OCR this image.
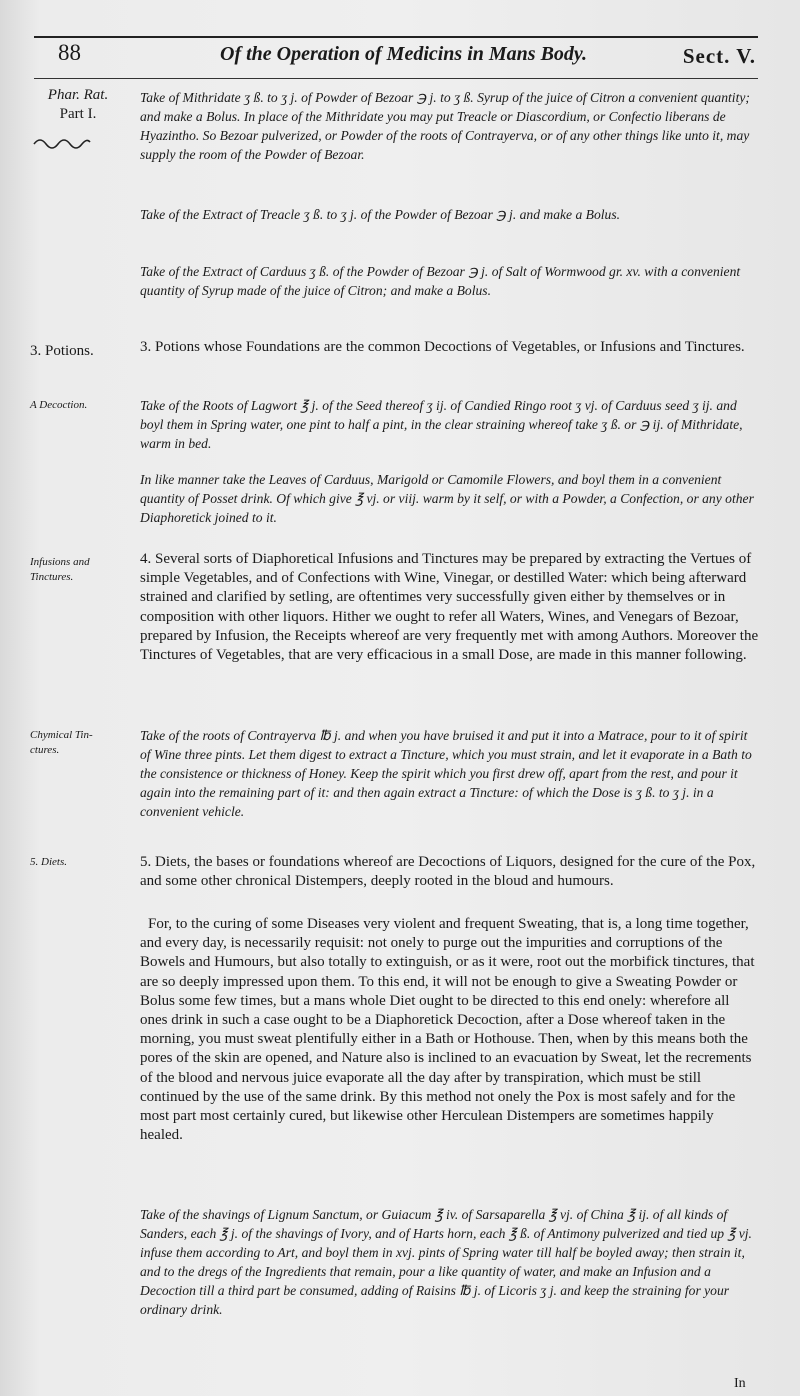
88	Of the Operation of Medicins in Mans Body.	Sect. V.
Phar. Rat.
Part I.

Take of Mithridate ʒ ß. to ʒ j. of Powder of Bezoar ℈ j. to ʒ ß. Syrup of the juice of Citron a convenient quantity; and make a Bolus. In place of the Mithridate you may put Treacle or Diascordium, or Confectio liberans de Hyazintho. So Bezoar pulverized, or Powder of the roots of Contrayerva, or of any other things like unto it, may supply the room of the Powder of Bezoar.

Take of the Extract of Treacle ʒ ß. to ʒ j. of the Powder of Bezoar ℈ j. and make a Bolus.

Take of the Extract of Carduus ʒ ß. of the Powder of Bezoar ℈ j. of Salt of Wormwood gr. xv. with a convenient quantity of Syrup made of the juice of Citron; and make a Bolus.

3. Potions.	3. Potions whose Foundations are the common Decoctions of Vegetables, or Infusions and Tinctures.

A Decoction.	Take of the Roots of Lagwort ℥ j. of the Seed thereof ʒ ij. of Candied Ringo root ʒ vj. of Carduus seed ʒ ij. and boyl them in Spring water, one pint to half a pint, in the clear straining whereof take ʒ ß. or ℈ ij. of Mithridate, warm in bed.

In like manner take the Leaves of Carduus, Marigold or Camomile Flowers, and boyl them in a convenient quantity of Posset drink. Of which give ℥ vj. or viij. warm by it self, or with a Powder, a Confection, or any other Diaphoretick joined to it.

Infusions and
Tinctures.

4. Several sorts of Diaphoretical Infusions and Tinctures may be prepared by extracting the Vertues of simple Vegetables, and of Confections with Wine, Vinegar, or destilled Water: which being afterward strained and clarified by setling, are oftentimes very successfully given either by themselves or in composition with other liquors. Hither we ought to refer all Waters, Wines, and Venegars of Bezoar, prepared by Infusion, the Receipts whereof are very frequently met with among Authors. Moreover the Tinctures of Vegetables, that are very efficacious in a small Dose, are made in this manner following.

Chymical Tin-
ctures.

Take of the roots of Contrayerva ℔ j. and when you have bruised it and put it into a Matrace, pour to it of spirit of Wine three pints. Let them digest to extract a Tincture, which you must strain, and let it evaporate in a Bath to the consistence or thickness of Honey. Keep the spirit which you first drew off, apart from the rest, and pour it again into the remaining part of it: and then again extract a Tincture: of which the Dose is ʒ ß. to ʒ j. in a convenient vehicle.

5. Diets.	5. Diets, the bases or foundations whereof are Decoctions of Liquors, designed for the cure of the Pox, and some other chronical Distempers, deeply rooted in the bloud and humours.

For, to the curing of some Diseases very violent and frequent Sweating, that is, a long time together, and every day, is necessarily requisit: not onely to purge out the impurities and corruptions of the Bowels and Humours, but also totally to extinguish, or as it were, root out the morbifick tinctures, that are so deeply impressed upon them. To this end, it will not be enough to give a Sweating Powder or Bolus some few times, but a mans whole Diet ought to be directed to this end onely: wherefore all ones drink in such a case ought to be a Diaphoretick Decoction, after a Dose whereof taken in the morning, you must sweat plentifully either in a Bath or Hothouse. Then, when by this means both the pores of the skin are opened, and Nature also is inclined to an evacuation by Sweat, let the recrements of the blood and nervous juice evaporate all the day after by transpiration, which must be still continued by the use of the same drink. By this method not onely the Pox is most safely and for the most part most certainly cured, but likewise other Herculean Distempers are sometimes happily healed.

Take of the shavings of Lignum Sanctum, or Guiacum ℥ iv. of Sarsaparella ℥ vj. of China ℥ ij. of all kinds of Sanders, each ℥ j. of the shavings of Ivory, and of Harts horn, each ℥ ß. of Antimony pulverized and tied up ℥ vj. infuse them according to Art, and boyl them in xvj. pints of Spring water till half be boyled away; then strain it, and to the dregs of the Ingredients that remain, pour a like quantity of water, and make an Infusion and a Decoction till a third part be consumed, adding of Raisins ℔ j. of Licoris ʒ j. and keep the straining for your ordinary drink.

In
